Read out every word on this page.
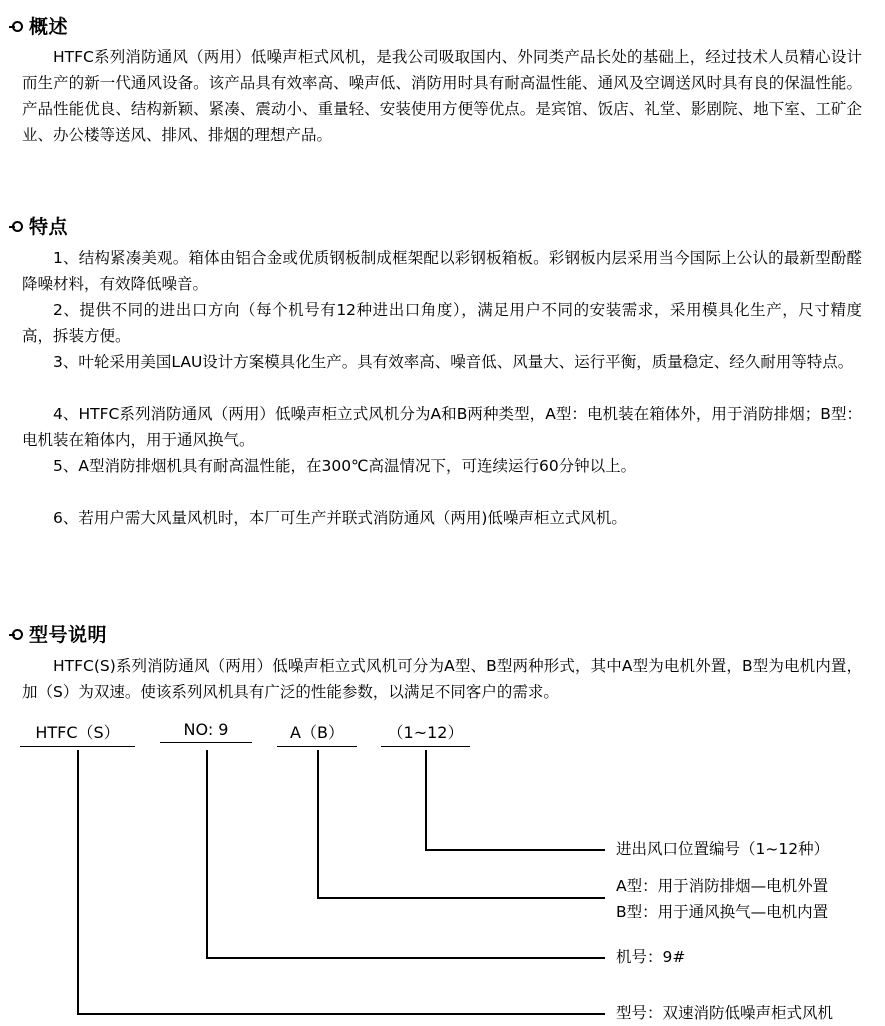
概述
HTFC系列消防通风（两用）低噪声柜式风机，是我公司吸取国内、外同类产品长处的基础上，经过技术人员精心设计而生产的新一代通风设备。该产品具有效率高、噪声低、消防用时具有耐高温性能、通风及空调送风时具有良的保温性能。产品性能优良、结构新颖、紧凑、震动小、重量轻、安装使用方便等优点。是宾馆、饭店、礼堂、影剧院、地下室、工矿企业、办公楼等送风、排风、排烟的理想产品。
特点
1、结构紧凑美观。箱体由铝合金或优质钢板制成框架配以彩钢板箱板。彩钢板内层采用当今国际上公认的最新型酚醛降噪材料，有效降低噪音。
2、提供不同的进出口方向（每个机号有12种进出口角度），满足用户不同的安装需求，采用模具化生产，尺寸精度高，拆装方便。
3、叶轮采用美国LAU设计方案模具化生产。具有效率高、噪音低、风量大、运行平衡，质量稳定、经久耐用等特点。
4、HTFC系列消防通风（两用）低噪声柜立式风机分为A和B两种类型，A型：电机装在箱体外，用于消防排烟；B型：电机装在箱体内，用于通风换气。
5、A型消防排烟机具有耐高温性能，在300℃高温情况下，可连续运行60分钟以上。
6、若用户需大风量风机时，本厂可生产并联式消防通风（两用)低噪声柜立式风机。
型号说明
HTFC(S)系列消防通风（两用）低噪声柜立式风机可分为A型、B型两种形式，其中A型为电机外置，B型为电机内置，加（S）为双速。使该系列风机具有广泛的性能参数，以满足不同客户的需求。
HTFC（S）	NO: 9	A（B）	（1~12）
进出风口位置编号（1~12种）
A型：用于消防排烟—电机外置
B型：用于通风换气—电机内置
机号：9#
型号：双速消防低噪声柜式风机
